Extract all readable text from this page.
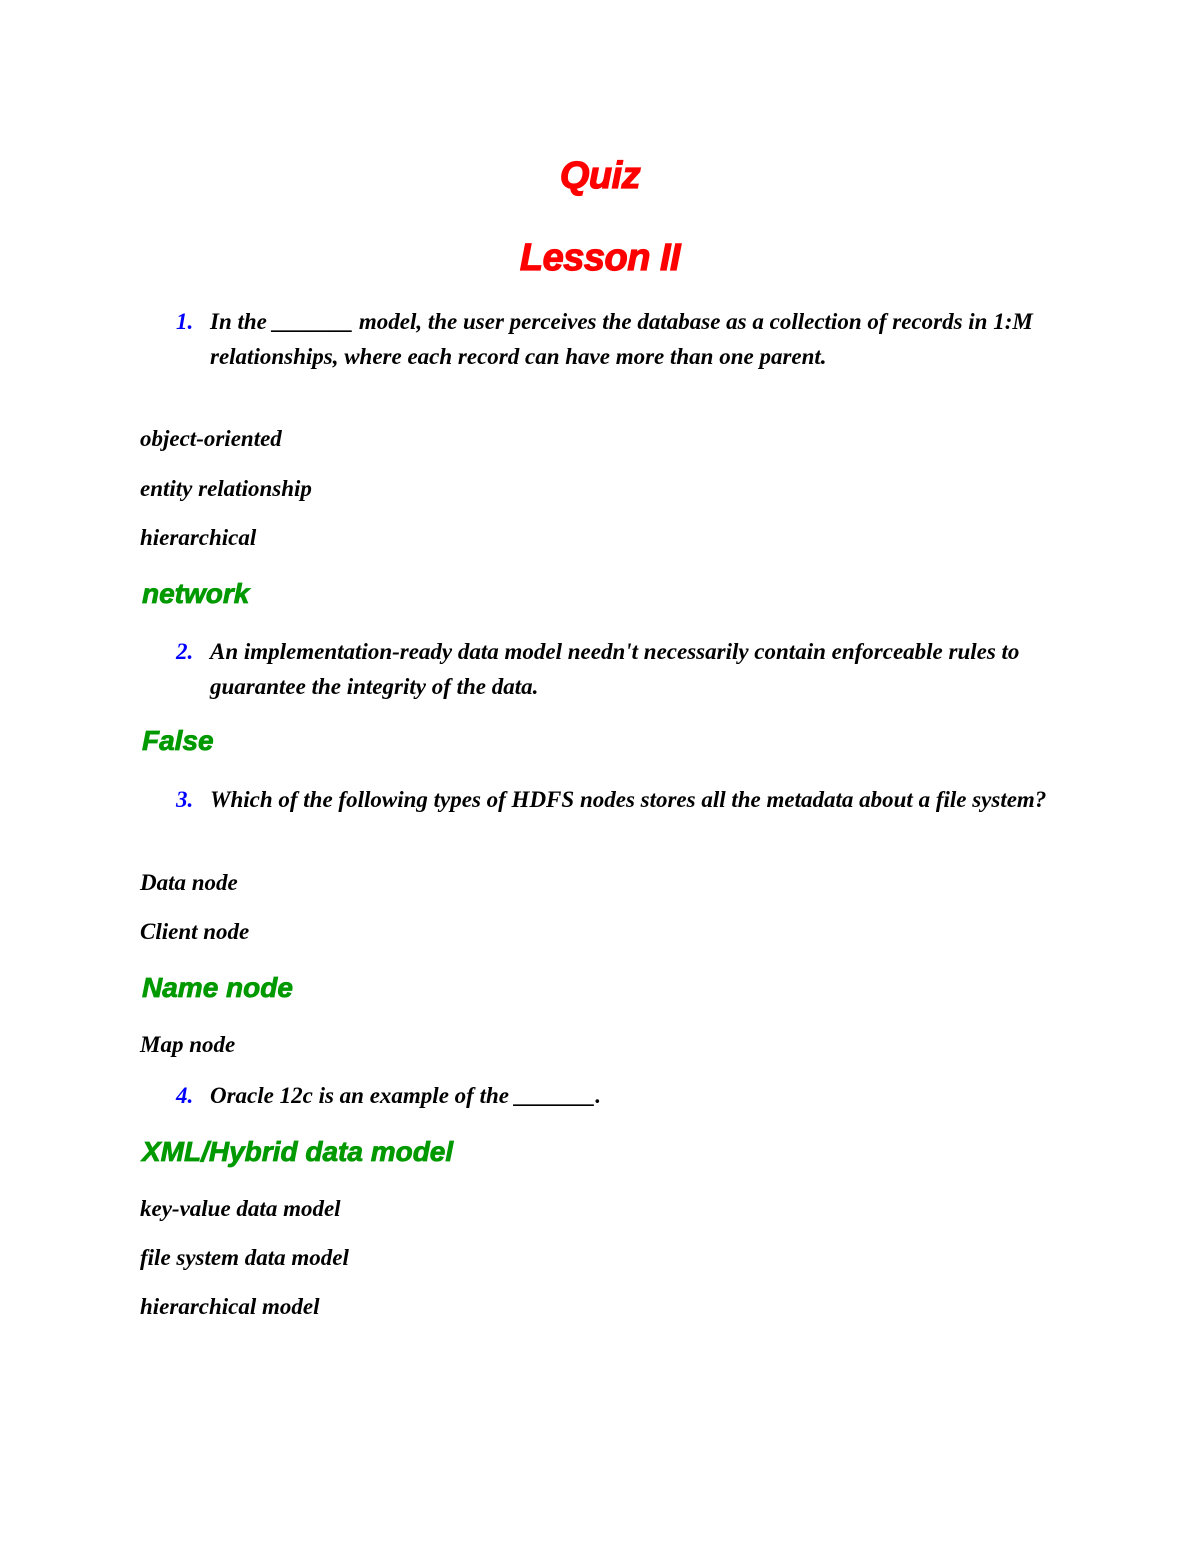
Quiz
Lesson II
1. In the _______ model, the user perceives the database as a collection of records in 1:M relationships, where each record can have more than one parent.
object-oriented
entity relationship
hierarchical
network
2. An implementation-ready data model needn't necessarily contain enforceable rules to guarantee the integrity of the data.
False
3. Which of the following types of HDFS nodes stores all the metadata about a file system?
Data node
Client node
Name node
Map node
4. Oracle 12c is an example of the _______.
XML/Hybrid data model
key-value data model
file system data model
hierarchical model
